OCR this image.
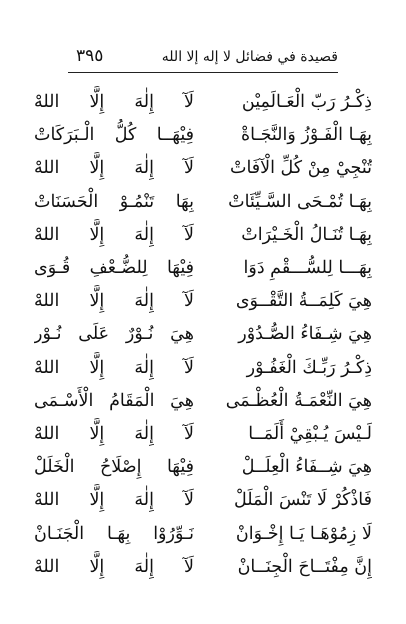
قصيدة في فضائل لا إله إلا الله
٣٩٥
ذِكْـرُ رَبّ الْعَـالَمِيْن
لَآ إِلٰهَ إِلَّا اللهْ
بِهَـا الْفَـوْزُ وَالنَّجَـاةْ
فِيْهَــا كُلُّ الْـبَرَكَاتْ
تُنْجِيْ مِنْ كُلِّ الْآفَاتْ
لَآ إِلٰهَ إِلَّا اللهْ
بِهَـا تُمْـحَى السَّـيِّئَاتْ
بِهَا تَنْمُـوْ الْحَسَنَاتْ
بِهَـا تُنَـالُ الْخَـيْرَاتْ
لَآ إِلٰهَ إِلَّا اللهْ
بِهَـــا لِلسُّـــقْمِ دَوَا
فِيْهَا لِلضُّـعْفِ قُـوَى
هِيَ كَلِمَــةُ التَّقْــوَى
لَآ إِلٰهَ إِلَّا اللهْ
هِيَ شِـفَاءُ الصُّـدُوْر
هِيَ نُـوْرٌ عَلَى نُـوْر
ذِكْـرُ رَبِّـكَ الْغَفُـوْر
لَآ إِلٰهَ إِلَّا اللهْ
هِيَ النِّعْمَـةُ الْعُظْـمَى
هِيَ الْمَقَامُ الْأَسْـمَى
لَـيْسَ يُـبْقِيْ أَلَمَــا
لَآ إِلٰهَ إِلَّا اللهْ
هِيَ شِــفَاءُ الْعِلَــلْ
فِيْهَا إِصْلَاحُ الْخَلَلْ
فَاذْكُرْ لَا تَنْسَ الْمَلَلْ
لَآ إِلٰهَ إِلَّا اللهْ
لَا زِمُوْهَـا يَـا إِخْـوَانْ
نَـوِّرُوْا بِهَـا الْجَنَـانْ
إِنَّ مِفْتَــاحَ الْجِنَــانْ
لَآ إِلٰهَ إِلَّا اللهْ
